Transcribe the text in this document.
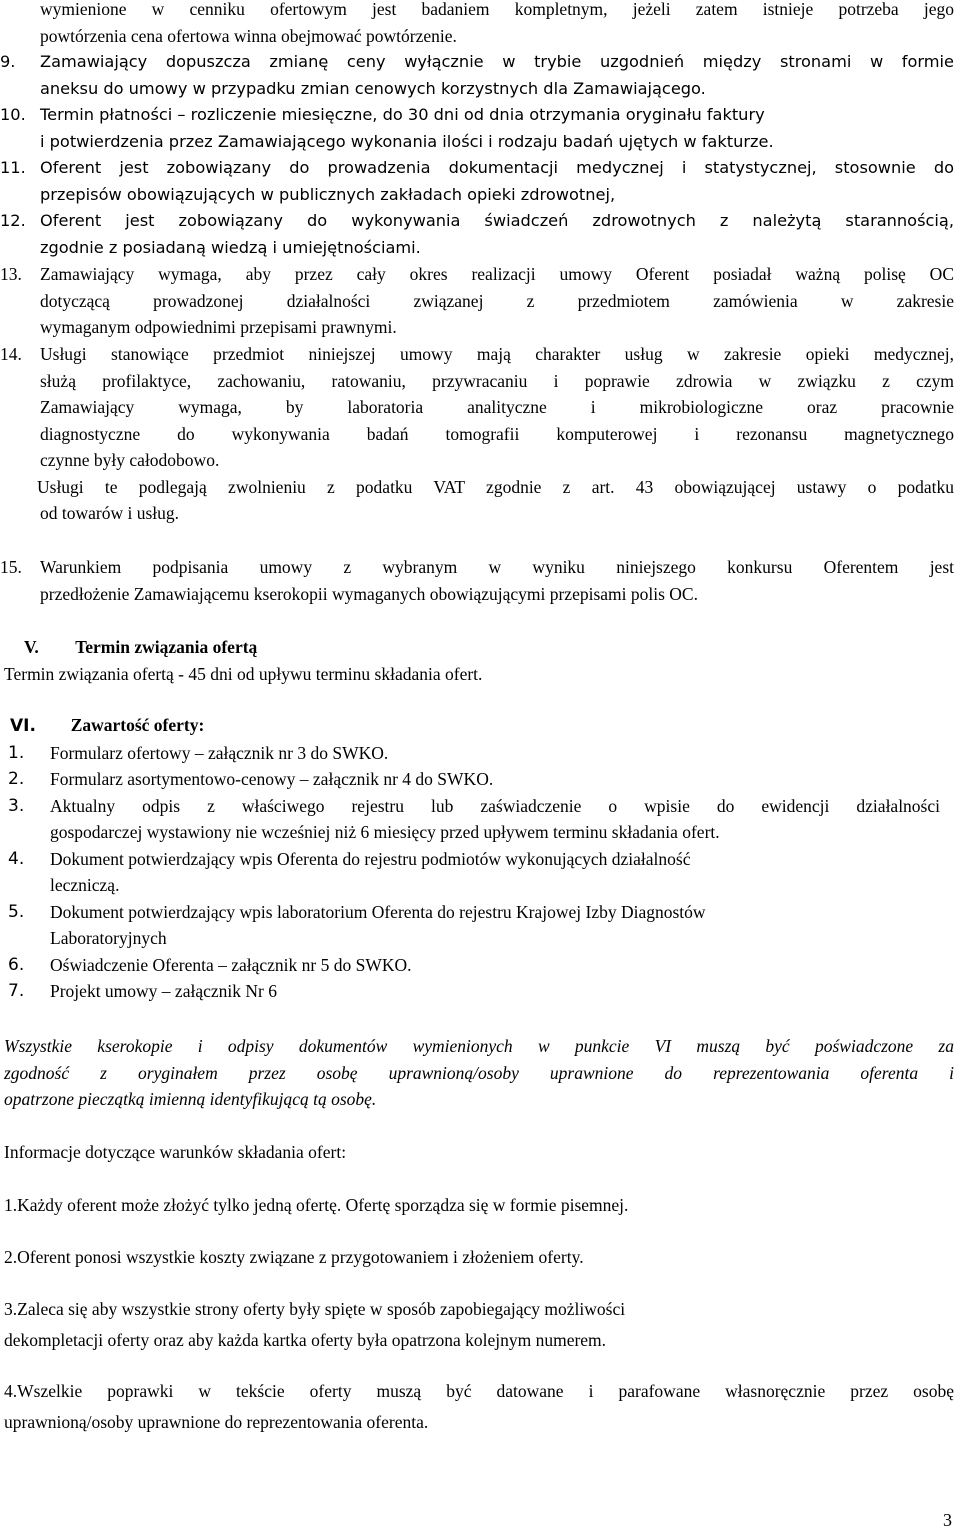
wymienione w cenniku ofertowym jest badaniem kompletnym, jeżeli zatem istnieje potrzeba jego
powtórzenia cena ofertowa winna obejmować powtórzenie.
9. Zamawiający dopuszcza zmianę ceny wyłącznie w trybie uzgodnień między stronami w formie
aneksu do umowy w przypadku zmian cenowych korzystnych dla Zamawiającego.
10. Termin płatności – rozliczenie miesięczne, do 30 dni od dnia otrzymania oryginału faktury
i potwierdzenia przez Zamawiającego wykonania ilości i rodzaju badań ujętych w fakturze.
11. Oferent jest zobowiązany do prowadzenia dokumentacji medycznej i statystycznej, stosownie do
przepisów obowiązujących w publicznych zakładach opieki zdrowotnej,
12. Oferent jest zobowiązany do wykonywania świadczeń zdrowotnych z należytą starannością,
zgodnie z posiadaną wiedzą i umiejętnościami.
13. Zamawiający wymaga, aby przez cały okres realizacji umowy Oferent posiadał ważną polisę OC
dotyczącą prowadzonej działalności związanej z przedmiotem zamówienia w zakresie
wymaganym odpowiednimi przepisami prawnymi.
14. Usługi stanowiące przedmiot niniejszej umowy mają charakter usług w zakresie opieki medycznej,
służą profilaktyce, zachowaniu, ratowaniu, przywracaniu i poprawie zdrowia w związku z czym
Zamawiający wymaga, by laboratoria analityczne i mikrobiologiczne oraz pracownie
diagnostyczne do wykonywania badań tomografii komputerowej i rezonansu magnetycznego
czynne były całodobowo.
Usługi te podlegają zwolnieniu z podatku VAT zgodnie z art. 43 obowiązującej ustawy o podatku
od towarów i usług.
15. Warunkiem podpisania umowy z wybranym w wyniku niniejszego konkursu Oferentem jest
przedłożenie Zamawiającemu kserokopii wymaganych obowiązującymi przepisami polis OC.
V. Termin związania ofertą
Termin związania ofertą - 45 dni od upływu terminu składania ofert.
VI. Zawartość oferty:
1. Formularz ofertowy – załącznik nr 3 do SWKO.
2. Formularz asortymentowo-cenowy – załącznik nr 4 do SWKO.
3. Aktualny odpis z właściwego rejestru lub zaświadczenie o wpisie do ewidencji działalności
gospodarczej wystawiony nie wcześniej niż 6 miesięcy przed upływem terminu składania ofert.
4. Dokument potwierdzający wpis Oferenta do rejestru podmiotów wykonujących działalność
leczniczą.
5. Dokument potwierdzający wpis laboratorium Oferenta do rejestru Krajowej Izby Diagnostów
Laboratoryjnych
6. Oświadczenie Oferenta – załącznik nr 5 do SWKO.
7. Projekt umowy – załącznik Nr 6
Wszystkie kserokopie i odpisy dokumentów wymienionych w punkcie VI muszą być poświadczone za
zgodność z oryginałem przez osobę uprawnioną/osoby uprawnione do reprezentowania oferenta i
opatrzone pieczątką imienną identyfikującą tą osobę.
Informacje dotyczące warunków składania ofert:
1.Każdy oferent może złożyć tylko jedną ofertę. Ofertę sporządza się w formie pisemnej.
2.Oferent ponosi wszystkie koszty związane z przygotowaniem i złożeniem oferty.
3.Zaleca się aby wszystkie strony oferty były spięte w sposób zapobiegający możliwości
dekompletacji oferty oraz aby każda kartka oferty była opatrzona kolejnym numerem.
4.Wszelkie poprawki w tekście oferty muszą być datowane i parafowane własnoręcznie przez osobę
uprawnioną/osoby uprawnione do reprezentowania oferenta.
3
